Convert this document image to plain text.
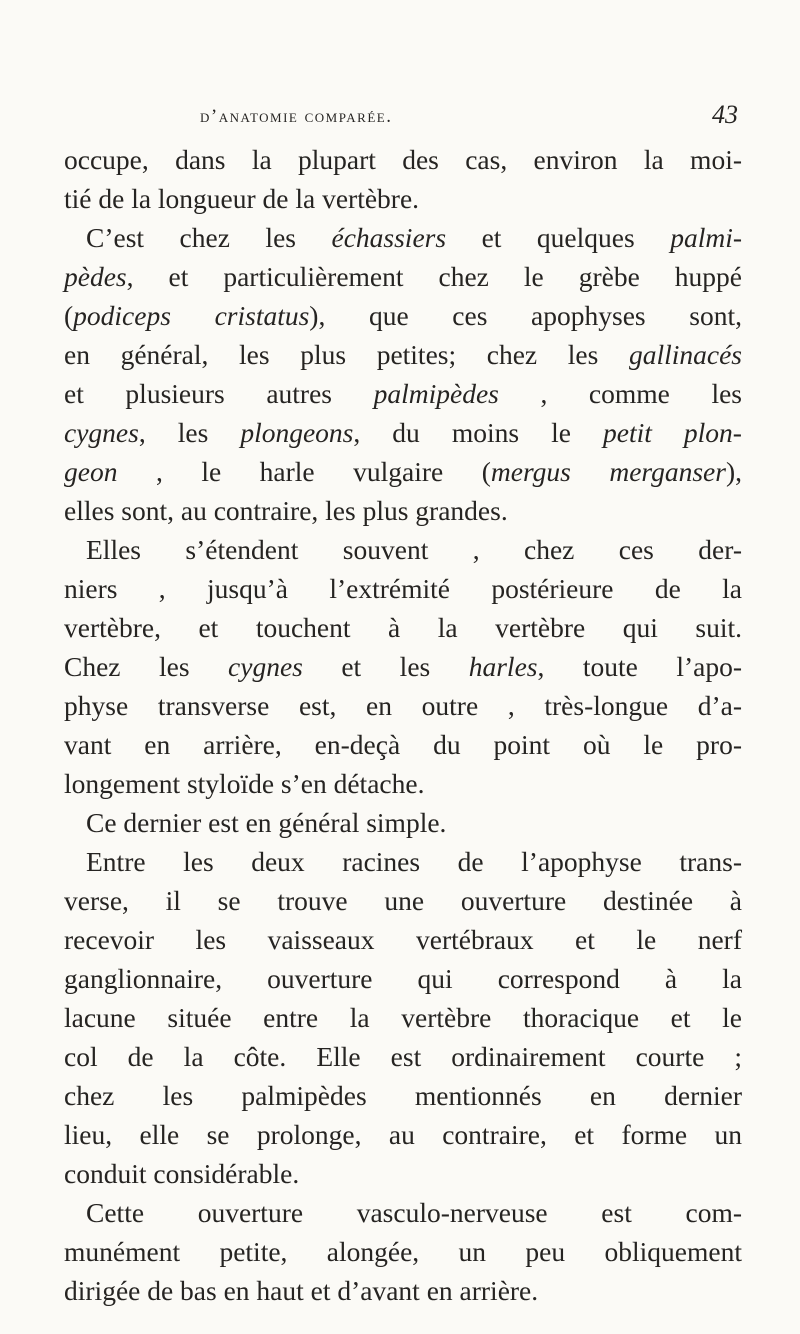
d’anatomie comparée.	43
occupe, dans la plupart des cas, environ la moi-
tié de la longueur de la vertèbre.
C’est chez les échassiers et quelques palmi-
pèdes, et particulièrement chez le grèbe huppé
(podiceps cristatus), que ces apophyses sont,
en général, les plus petites; chez les gallinacés
et plusieurs autres palmipèdes , comme les
cygnes, les plongeons, du moins le petit plon-
geon , le harle vulgaire (mergus merganser),
elles sont, au contraire, les plus grandes.
Elles s’étendent souvent , chez ces der-
niers , jusqu’à l’extrémité postérieure de la
vertèbre, et touchent à la vertèbre qui suit.
Chez les cygnes et les harles, toute l’apo-
physe transverse est, en outre , très-longue d’a-
vant en arrière, en-deçà du point où le pro-
longement styloïde s’en détache.
Ce dernier est en général simple.
Entre les deux racines de l’apophyse trans-
verse, il se trouve une ouverture destinée à
recevoir les vaisseaux vertébraux et le nerf
ganglionnaire, ouverture qui correspond à la
lacune située entre la vertèbre thoracique et le
col de la côte. Elle est ordinairement courte ;
chez les palmipèdes mentionnés en dernier
lieu, elle se prolonge, au contraire, et forme un
conduit considérable.
Cette ouverture vasculo-nerveuse est com-
munément petite, alongée, un peu obliquement
dirigée de bas en haut et d’avant en arrière.
